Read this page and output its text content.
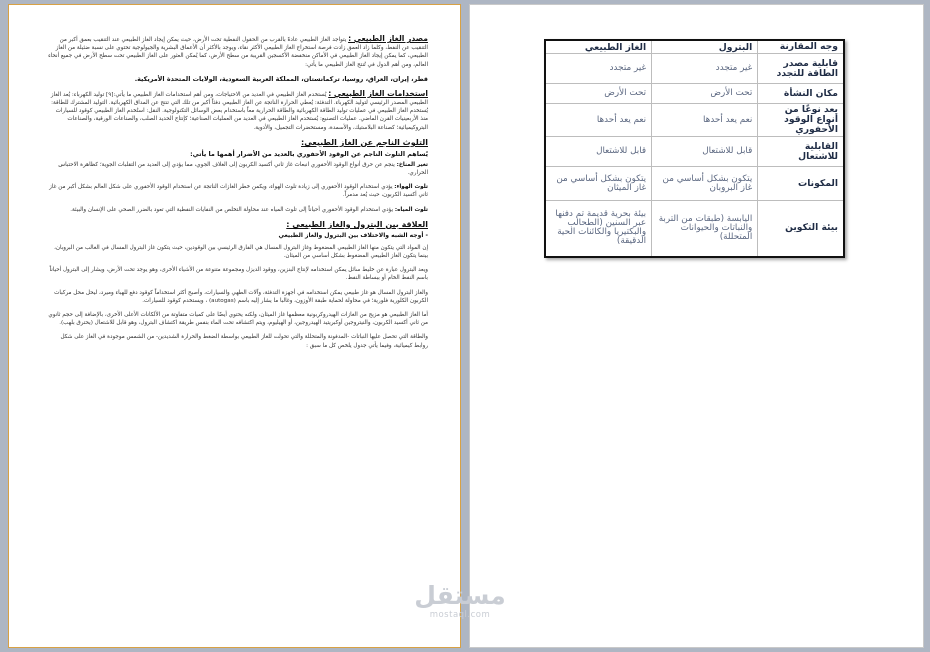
مصدر الغاز الطبيعي : يتواجد الغاز الطبيعي عادةً بالقرب من الحقول النفطية تحت الأرض، حيث يمكن إيجاد الغاز الطبيعي عند التنقيب بعمق أكبر من التنقيب عن النفط، وكلما زاد العمق زادت فرصة استخراج الغاز الطبيعي الأكثر نقاء، ويوجد بالأكثر أن الأعماق البشرية والجيولوجية تحتوي على نسبة ضئيلة من الغاز الطبيعي، كما يمكن إيجاد الغاز الطبيعي في الأماكن منخفضة الأكسجين القريبة من سطح الأرض، كما يُمكن العثور على الغاز الطبيعي تحت سطح الأرض في جميع أنحاء العالم، ومن أهم الدول في تُنتج الغاز الطبيعي ما يأتي:

قطر، إيران، العراق، روسيا، تركمانستان، المملكة العربية السعودية، الولايات المتحدة الأمريكية.

استخدامات الغاز الطبيعي : يُستخدم الغاز الطبيعي في العديد من الاحتياجات، ومن أهم استخدامات الغاز الطبيعي ما يأتي:[٩] توليد الكهرباء: يُعد الغاز الطبيعي المصدر الرئيسي لتوليد الكهرباء. التدفئة: يُعطي الحرارة الناتجة عن الغاز الطبيعي دفئاً أكبر من تلك التي تنتج عن المداق الكهربائية. التوليد المشترك للطاقة: يُستخدم الغاز الطبيعي في عمليات توليد الطاقة الكهربائية والطاقة الحرارية معاً باستخدام بعض الوسائل التكنولوجية. النقل: استُخدم الغاز الطبيعي كوقود للسيارات منذ الأربعينيات القرن الماضي. عمليات التصنيع: يُستخدم الغاز الطبيعي في العديد من العمليات الصناعية؛ كإنتاج الحديد الصلب، والصناعات الورقية، والصناعات البتروكيميائية؛ كصناعة البلاستيك، والأسمدة، ومستحضرات التجميل، والأدوية.

التلوث الناجم عن الغاز الطبيعي:

يُساهم التلوث الناجم عن الوقود الأحفوري بالعديد من الأضرار أهمها ما يأتي:

تغير المناخ: ينجم عن حرق أنواع الوقود الأحفوري انبعاث غاز ثاني أكسيد الكربون إلى الغلاف الجوي، مما يؤدي إلى العديد من التقلبات الجوية؛ كظاهرة الاحتباس الحراري.

تلوث الهواء: يؤدي استخدام الوقود الأحفوري إلى زيادة تلوث الهواء، ويكمن خطر الغازات الناتجة عن استخدام الوقود الأحفوري على شكل العالم بشكل أكبر من غاز ثاني أكسيد الكربون، حيث يُعد مدمراً.

تلوث المياه: يؤدي استخدام الوقود الأحفوري أحياناً إلى تلوث المياه عند محاولة التخلص من النفايات النفطية التي تعود بالضرر الصحي على الإنسان والبيئة.

العلاقة بين البترول والغاز الطبيعي :

- أوجه الشبه والاختلاف بين البترول والغاز الطبيعي

إن المواد التي يتكون منها الغاز الطبيعي المضغوط وغاز البترول المسال هي الفارق الرئيسي بين الوقودين، حيث يتكون غاز البترول المسال في الغالب من البروبان، بينما يتكون الغاز الطبيعي المضغوط بشكل أساسي من الميثان.

ويعد البترول عبارة عن خليط سائل يمكن استخدامه لإنتاج البنزين، ووقود الديزل ومجموعة متنوعة من الأشياء الأخرى، وهو يوجد تحت الأرض، ويشار إلى البترول أحياناً باسم النفط الخام أو ببساطة النفط.

والغاز البترول المسال هو غاز طبيعي يمكن استخدامه في أجهزة التدفئة، وآلات الطهي والسيارات، وأصبح أكثر استخداماً كوقود دفع للهباء وميرد، ليحل محل مركبات الكربون الكلورية فلورية؛ في محاولة لحماية طبقة الأوزون، وغالبا ما يشار إليه باسم (autogas) ، ويستخدم كوقود للسيارات.

أما الغاز الطبيعي هو مزيج من الغازات الهيدروكربونية معظمها غاز الميثان، ولكنه يحتوي أيضًا على كميات متفاوتة من الألكانات الأعلى الأخرى، بالإضافة إلى حجم ثانوي من ثاني أكسيد الكربون، والنيتروجين أوكبريتيد الهيدروجين، أو الهيليوم، ويتم اكتشافه تحت الماء بنفس طريقة اكتشاف البترول، وهو قابل للاشتعال (يحترق بلهب).

والطاقة التي تحصل عليها النباتات -المدفونة والمتحللة والتي تحولت للغاز الطبيعي بواسطة الضغط والحرارة الشديدين- من الشمس موجودة في الغاز على شكل روابط كيميائية، وفيما يأتي جدول يلخص كل ما سبق :

وجه المقارنة	البترول	الغاز الطبيعي
قابلية مصدر الطاقة للتجدد	غير متجدد	غير متجدد
مكان النشأة	تحت الأرض	تحت الأرض
يعد نوعًا من أنواع الوقود الأحفوري	نعم يعد أحدها	نعم يعد أحدها
القابلية للاشتعال	قابل للاشتعال	قابل للاشتعال
المكونات	يتكون بشكل أساسي من غاز البروبان	يتكون بشكل أساسي من غاز الميثان
بيئة التكوين	اليابسة (طبقات من التربة والنباتات والحيوانات المتحللة)	بيئة بحرية قديمة تم دفنها عبر السنين (الطحالب والبكتيريا والكائنات الحية الدقيقة)
مستقل
mostaql.com
